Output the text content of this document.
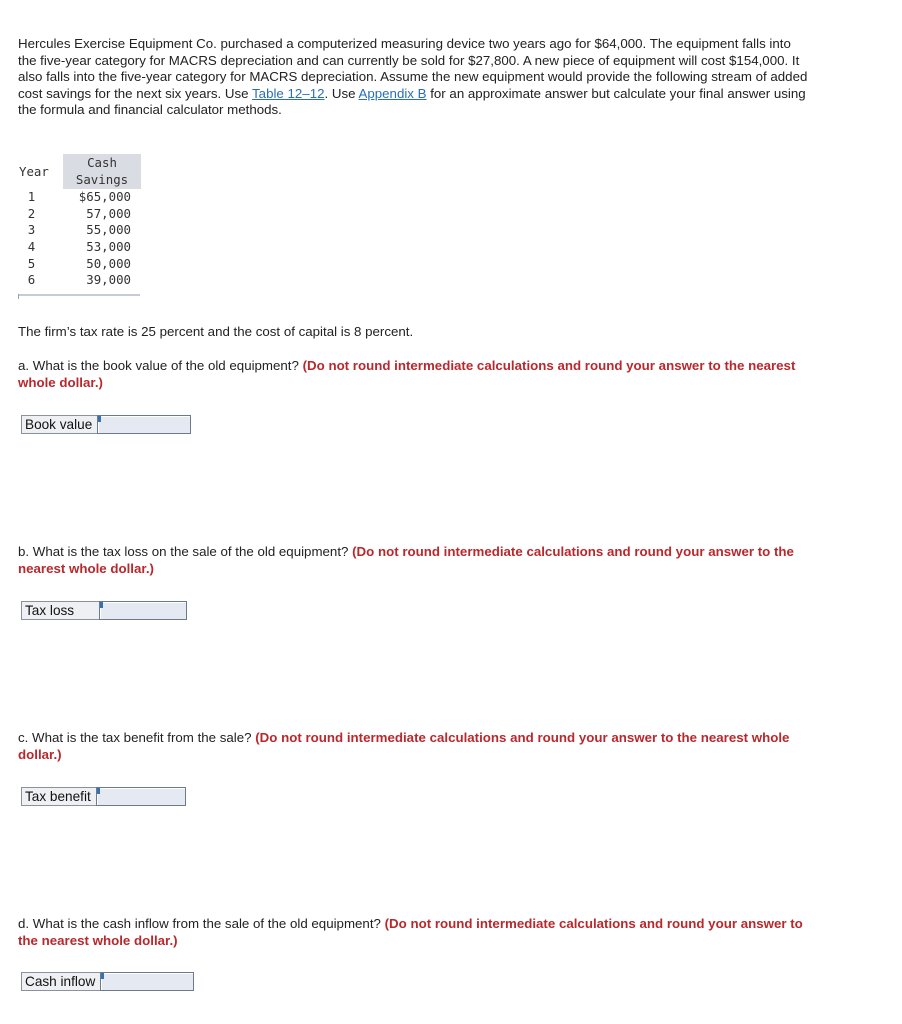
Hercules Exercise Equipment Co. purchased a computerized measuring device two years ago for $64,000. The equipment falls into the five-year category for MACRS depreciation and can currently be sold for $27,800. A new piece of equipment will cost $154,000. It also falls into the five-year category for MACRS depreciation. Assume the new equipment would provide the following stream of added cost savings for the next six years. Use Table 12–12. Use Appendix B for an approximate answer but calculate your final answer using the formula and financial calculator methods.
Year	Cash
Savings
1	$65,000
2	57,000
3	55,000
4	53,000
5	50,000
6	39,000
The firm’s tax rate is 25 percent and the cost of capital is 8 percent.
a. What is the book value of the old equipment? (Do not round intermediate calculations and round your answer to the nearest whole dollar.)
Book value
b. What is the tax loss on the sale of the old equipment? (Do not round intermediate calculations and round your answer to the nearest whole dollar.)
Tax loss
c. What is the tax benefit from the sale? (Do not round intermediate calculations and round your answer to the nearest whole dollar.)
Tax benefit
d. What is the cash inflow from the sale of the old equipment? (Do not round intermediate calculations and round your answer to the nearest whole dollar.)
Cash inflow
